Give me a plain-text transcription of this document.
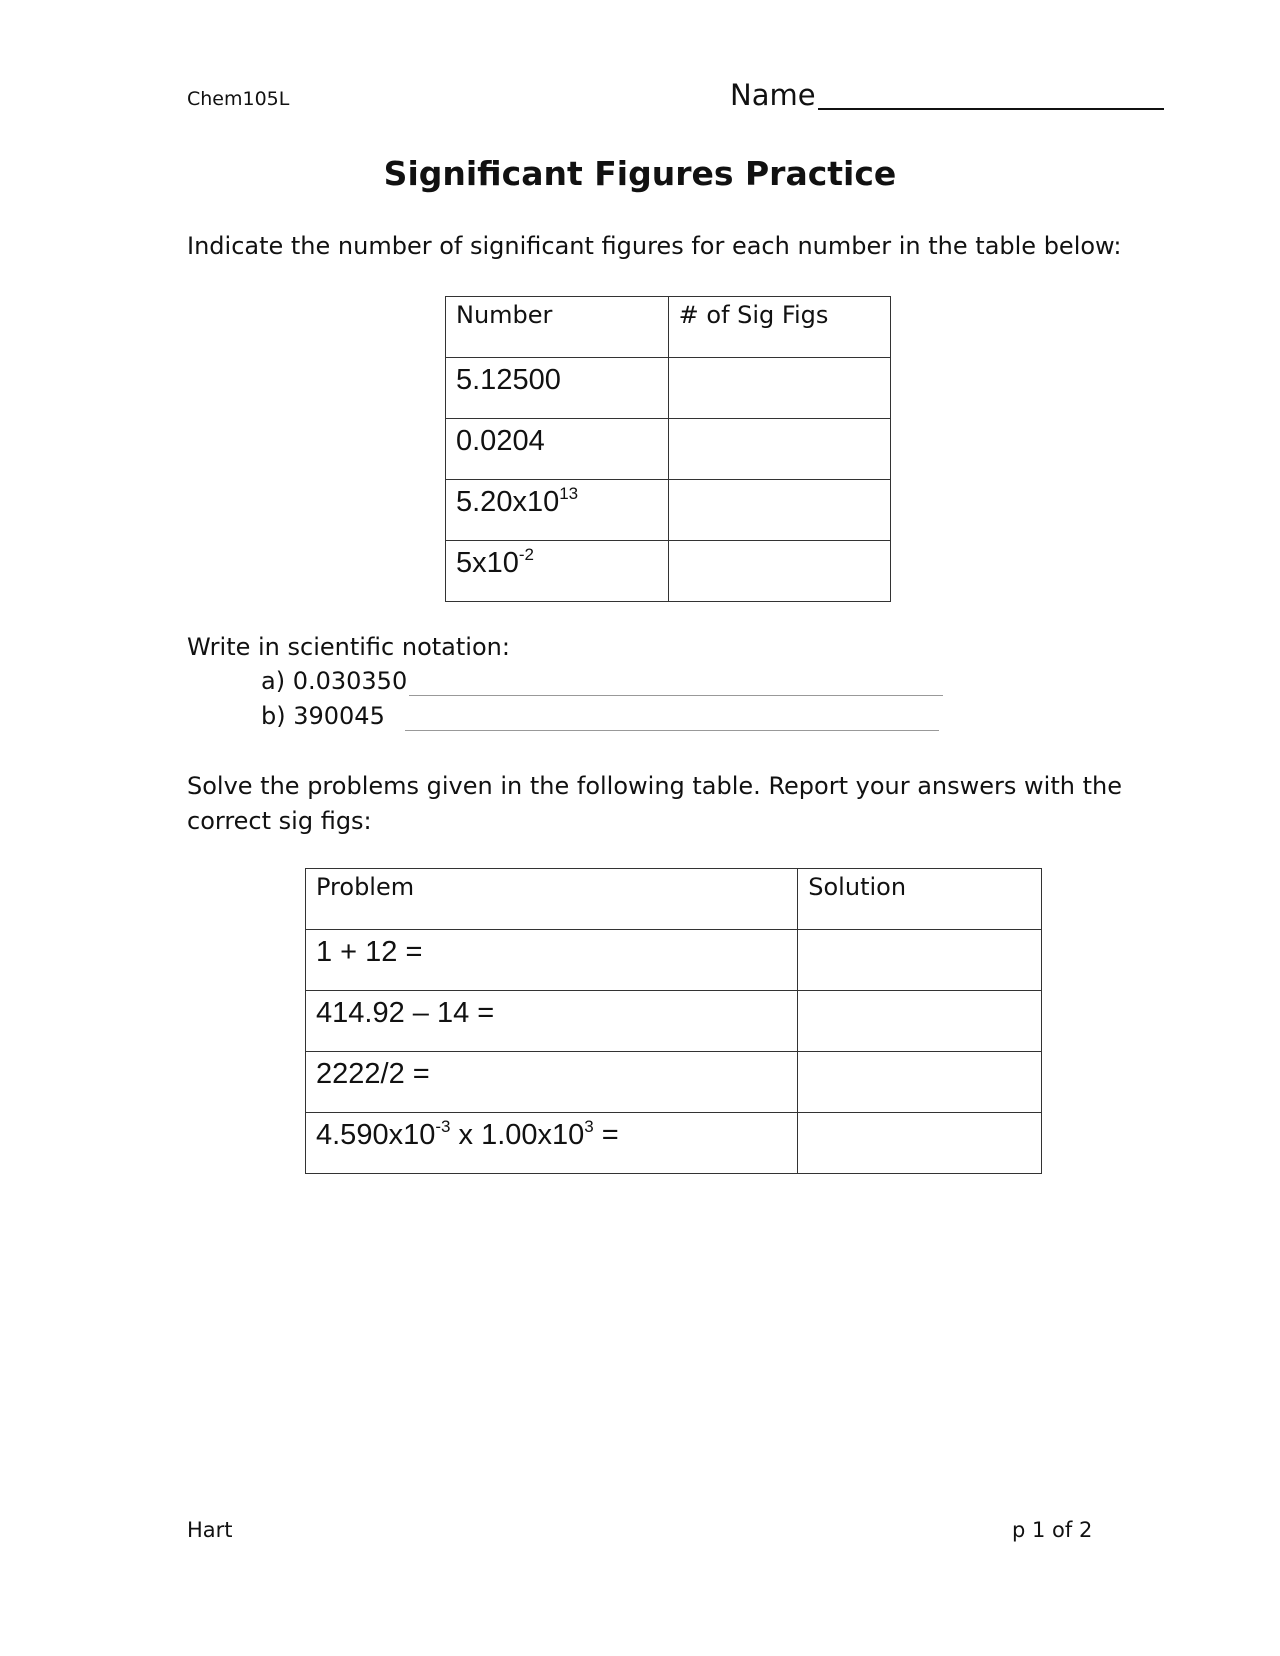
Chem105L	Name
Significant Figures Practice
Indicate the number of significant figures for each number in the table below:
Number	# of Sig Figs
5.12500	
0.0204	
$5.20x10^{13}$	
$5x10^{-2}$	
Write in scientific notation:
a) 0.030350
b) 390045
Solve the problems given in the following table. Report your answers with the
correct sig figs:
Problem	Solution
1 + 12 =	
414.92 – 14 =	
2222/2 =	
$4.590x10^{-3}$ x $1.00x10^3$ =	
Hart	p 1 of 2
